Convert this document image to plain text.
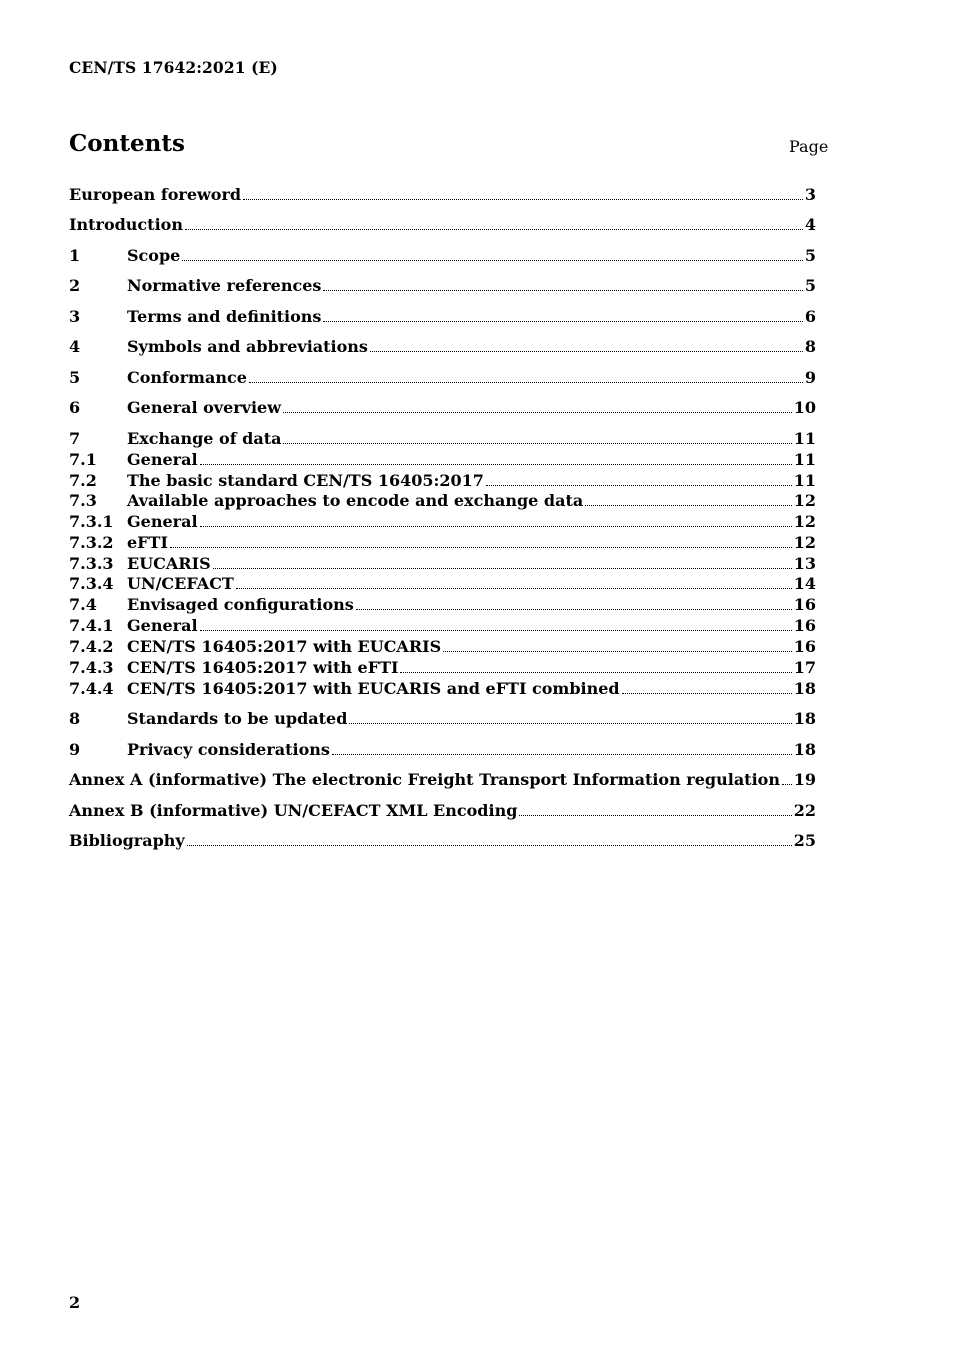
CEN/TS 17642:2021 (E)
Contents	Page
European foreword	3
Introduction	4
1	Scope	5
2	Normative references	5
3	Terms and definitions	6
4	Symbols and abbreviations	8
5	Conformance	9
6	General overview	10
7	Exchange of data	11
7.1	General	11
7.2	The basic standard CEN/TS 16405:2017	11
7.3	Available approaches to encode and exchange data	12
7.3.1 General	12
7.3.2 eFTI	12
7.3.3 EUCARIS	13
7.3.4 UN/CEFACT	14
7.4	Envisaged configurations	16
7.4.1 General	16
7.4.2 CEN/TS 16405:2017 with EUCARIS	16
7.4.3 CEN/TS 16405:2017 with eFTI	17
7.4.4 CEN/TS 16405:2017 with EUCARIS and eFTI combined	18
8	Standards to be updated	18
9	Privacy considerations	18
Annex A (informative) The electronic Freight Transport Information regulation 19
Annex B (informative) UN/CEFACT XML Encoding	22
Bibliography	25
2
